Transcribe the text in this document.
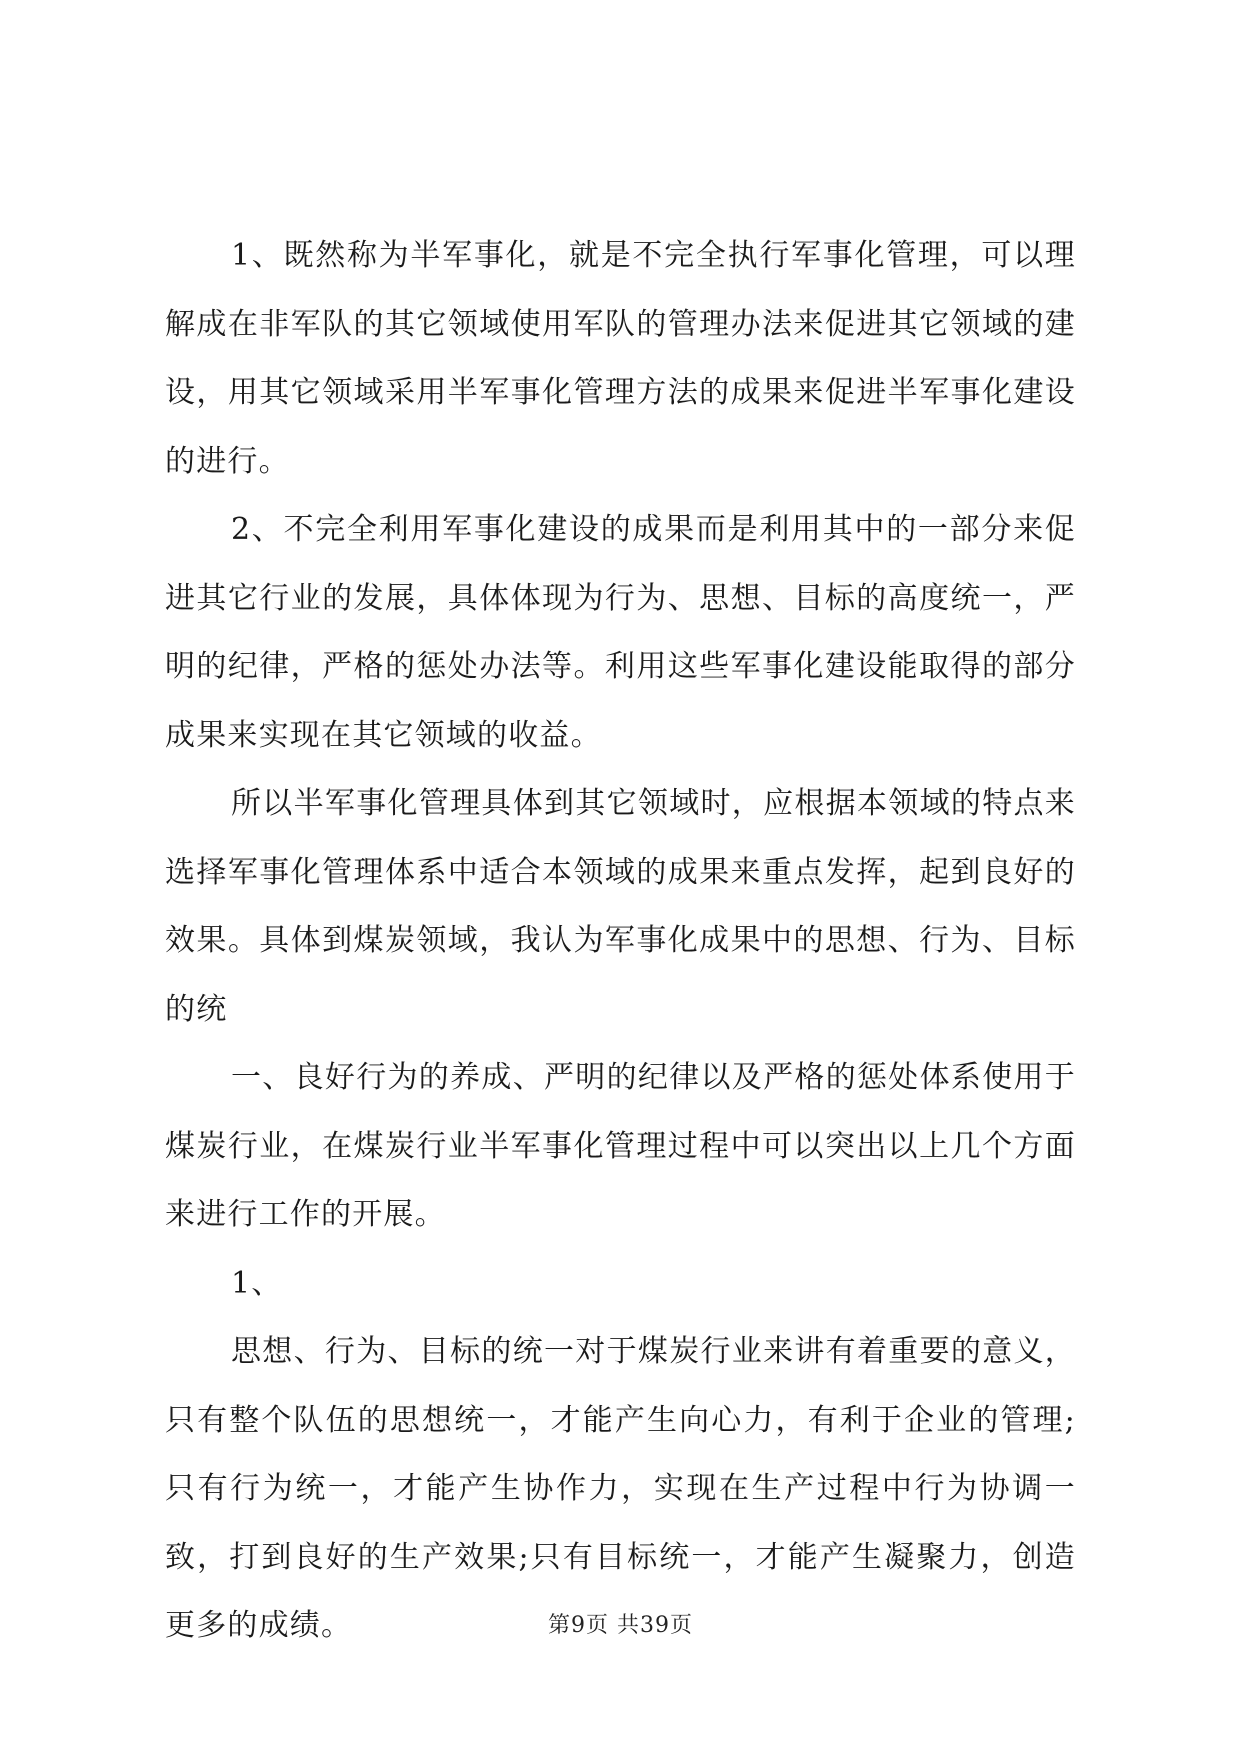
1、既然称为半军事化，就是不完全执行军事化管理，可以理解成在非军队的其它领域使用军队的管理办法来促进其它领域的建设，用其它领域采用半军事化管理方法的成果来促进半军事化建设的进行。

2、不完全利用军事化建设的成果而是利用其中的一部分来促进其它行业的发展，具体体现为行为、思想、目标的高度统一，严明的纪律，严格的惩处办法等。利用这些军事化建设能取得的部分成果来实现在其它领域的收益。

所以半军事化管理具体到其它领域时，应根据本领域的特点来选择军事化管理体系中适合本领域的成果来重点发挥，起到良好的效果。具体到煤炭领域，我认为军事化成果中的思想、行为、目标的统

一、良好行为的养成、严明的纪律以及严格的惩处体系使用于煤炭行业，在煤炭行业半军事化管理过程中可以突出以上几个方面来进行工作的开展。

1、

思想、行为、目标的统一对于煤炭行业来讲有着重要的意义，只有整个队伍的思想统一，才能产生向心力，有利于企业的管理;只有行为统一，才能产生协作力，实现在生产过程中行为协调一致，打到良好的生产效果;只有目标统一，才能产生凝聚力，创造更多的成绩。	第9页 共39页
